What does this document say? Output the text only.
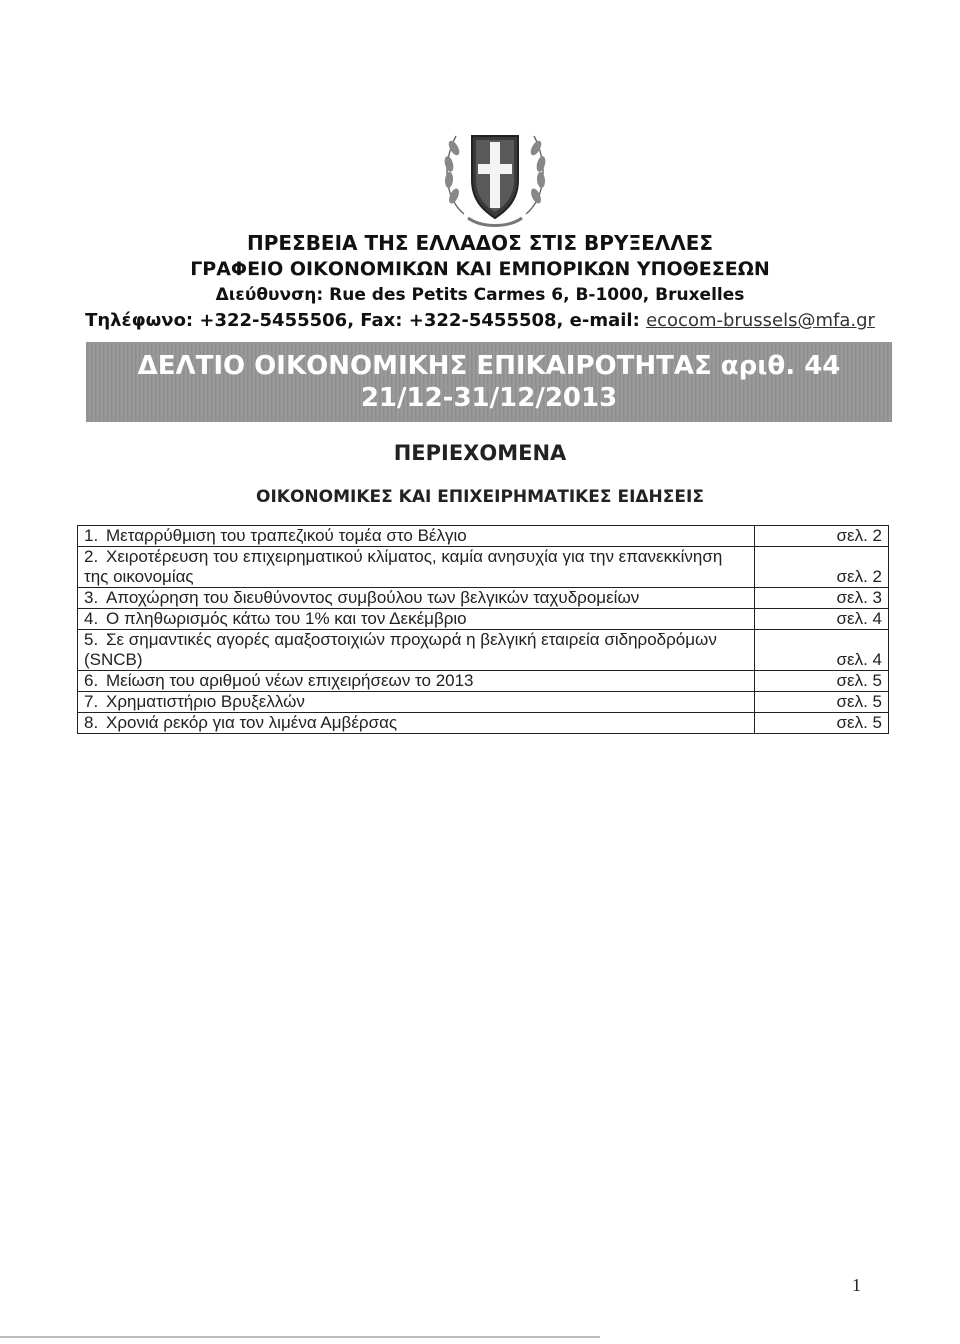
ΠΡΕΣΒΕΙΑ ΤΗΣ ΕΛΛΑΔΟΣ ΣΤΙΣ ΒΡΥΞΕΛΛΕΣ
ΓΡΑΦΕΙΟ ΟΙΚΟΝΟΜΙΚΩΝ ΚΑΙ ΕΜΠΟΡΙΚΩΝ ΥΠΟΘΕΣΕΩΝ
Διεύθυνση: Rue des Petits Carmes 6, B-1000, Bruxelles
Τηλέφωνο: +322-5455506, Fax: +322-5455508, e-mail: ecocom-brussels@mfa.gr
ΔΕΛΤΙΟ ΟΙΚΟΝΟΜΙΚΗΣ ΕΠΙΚΑΙΡΟΤΗΤΑΣ αριθ. 44
21/12-31/12/2013
ΠΕΡΙΕΧΟΜΕΝΑ
ΟΙΚΟΝΟΜΙΚΕΣ ΚΑΙ ΕΠΙΧΕΙΡΗΜΑΤΙΚΕΣ ΕΙΔΗΣΕΙΣ
1. Μεταρρύθμιση του τραπεζικού τομέα στο Βέλγιο	σελ. 2
2. Χειροτέρευση του επιχειρηματικού κλίματος, καμία ανησυχία για την επανεκκίνηση της οικονομίας	σελ. 2
3. Αποχώρηση του διευθύνοντος συμβούλου των βελγικών ταχυδρομείων	σελ. 3
4. Ο πληθωρισμός κάτω του 1% και τον Δεκέμβριο	σελ. 4
5. Σε σημαντικές αγορές αμαξοστοιχιών προχωρά η βελγική εταιρεία σιδηροδρόμων (SNCB)	σελ. 4
6. Μείωση του αριθμού νέων επιχειρήσεων το 2013	σελ. 5
7. Χρηματιστήριο Βρυξελλών	σελ. 5
8. Χρονιά ρεκόρ για τον λιμένα Αμβέρσας	σελ. 5
1
